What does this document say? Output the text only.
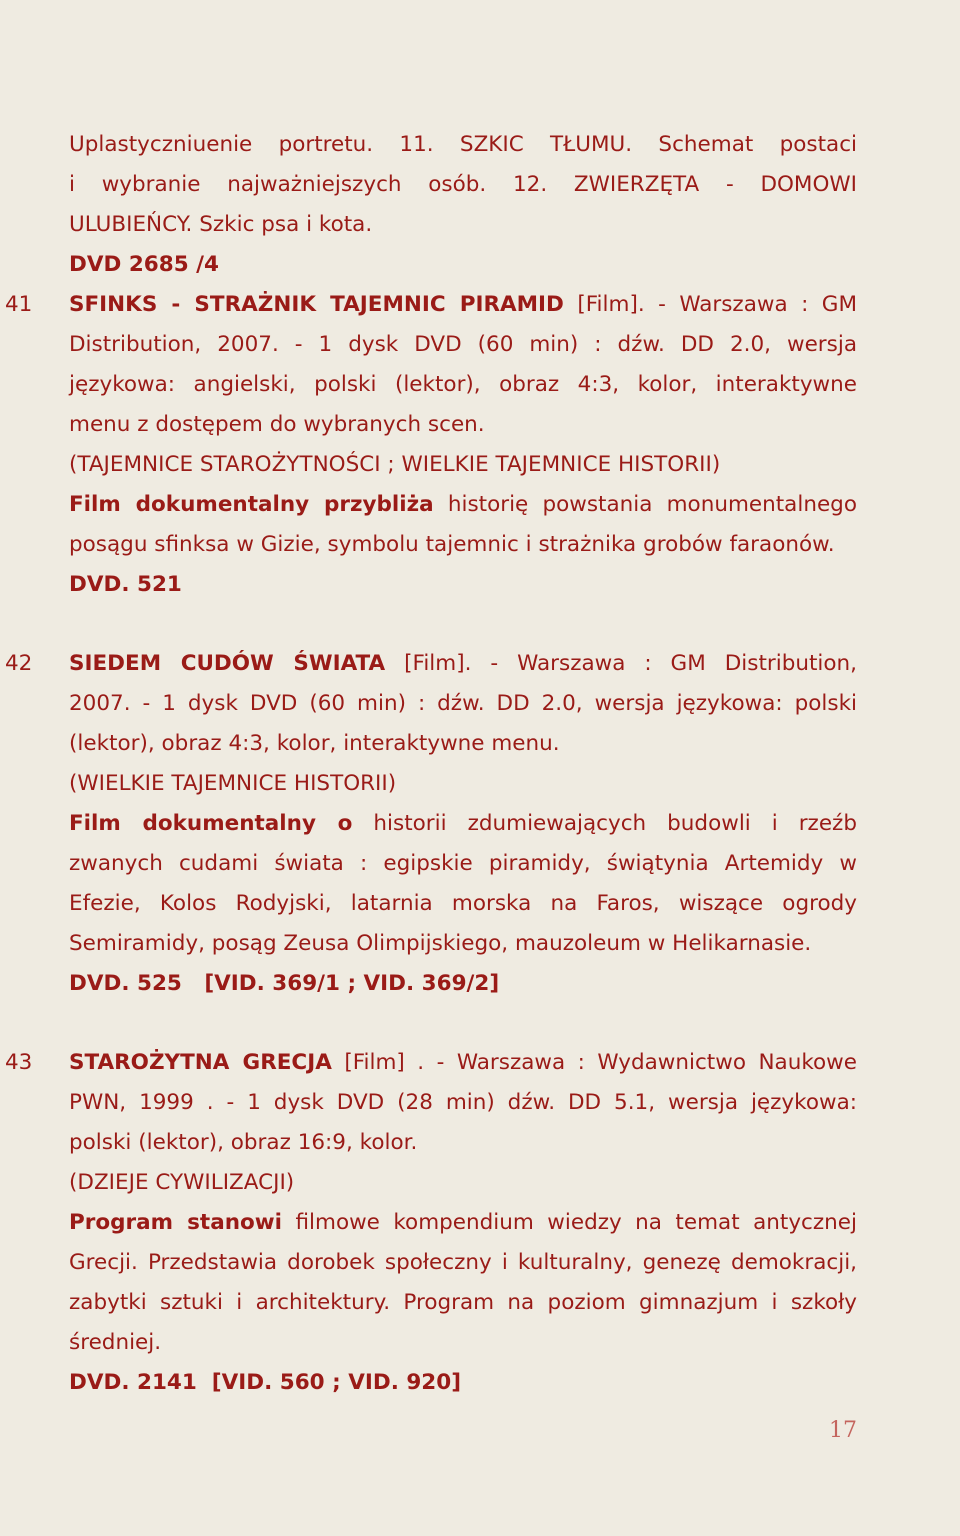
Uplastyczniuenie portretu. 11. SZKIC TŁUMU. Schemat postaci
i wybranie najważniejszych osób. 12. ZWIERZĘTA - DOMOWI
ULUBIEŃCY. Szkic psa i kota.
DVD 2685 /4
41 SFINKS - STRAŻNIK TAJEMNIC PIRAMID [Film]. - Warszawa : GM
Distribution, 2007. - 1 dysk DVD (60 min) : dźw. DD 2.0, wersja
językowa: angielski, polski (lektor), obraz 4:3, kolor, interaktywne
menu z dostępem do wybranych scen.
(TAJEMNICE STAROŻYTNOŚCI ; WIELKIE TAJEMNICE HISTORII)
Film dokumentalny przybliża historię powstania monumentalnego
posągu sfinksa w Gizie, symbolu tajemnic i strażnika grobów faraonów.
DVD. 521
42 SIEDEM CUDÓW ŚWIATA [Film]. - Warszawa : GM Distribution,
2007. - 1 dysk DVD (60 min) : dźw. DD 2.0, wersja językowa: polski
(lektor), obraz 4:3, kolor, interaktywne menu.
(WIELKIE TAJEMNICE HISTORII)
Film dokumentalny o historii zdumiewających budowli i rzeźb
zwanych cudami świata : egipskie piramidy, świątynia Artemidy w
Efezie, Kolos Rodyjski, latarnia morska na Faros, wiszące ogrody
Semiramidy, posąg Zeusa Olimpijskiego, mauzoleum w Helikarnasie.
DVD. 525   [VID. 369/1 ; VID. 369/2]
43 STAROŻYTNA GRECJA [Film] . - Warszawa : Wydawnictwo Naukowe
PWN, 1999 . - 1 dysk DVD (28 min) dźw. DD 5.1, wersja językowa:
polski (lektor), obraz 16:9, kolor.
(DZIEJE CYWILIZACJI)
Program stanowi filmowe kompendium wiedzy na temat antycznej
Grecji. Przedstawia dorobek społeczny i kulturalny, genezę demokracji,
zabytki sztuki i architektury. Program na poziom gimnazjum i szkoły
średniej.
DVD. 2141  [VID. 560 ; VID. 920]
17
